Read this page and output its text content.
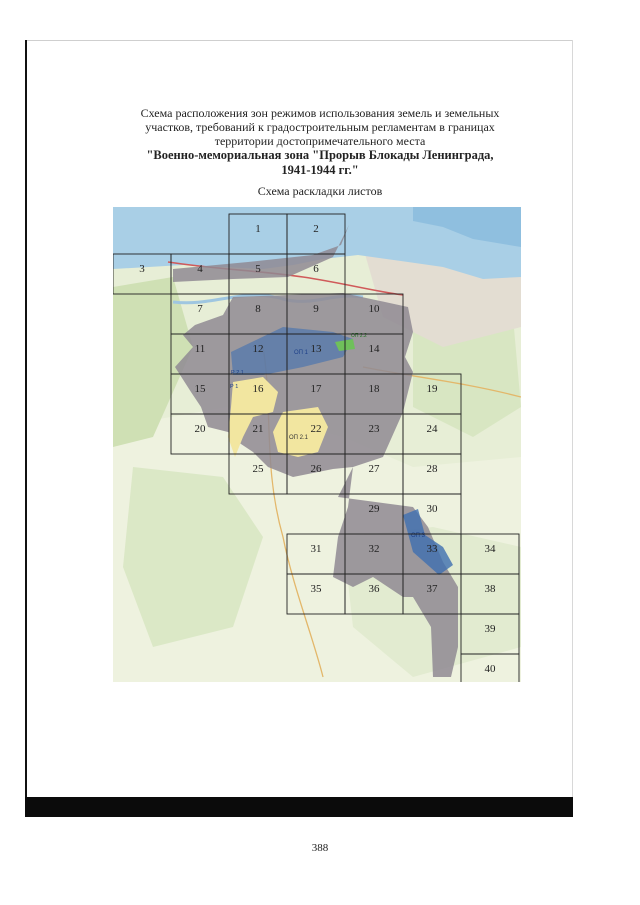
Схема расположения зон режимов использования земель и земельных
участков, требований к градостроительным регламентам в границах
территории достопримечательного места
"Военно-мемориальная зона "Прорыв Блокады Ленинграда,
1941-1944 гг."
Схема раскладки листов
ОП 1
ОП 2.1
ОП 2.2
ОП 3
Р 1
Р 2.1
1	2
3	4	5	6
7	8	9	10
11	12	13	14
15	16	17	18	19
20	21	22	23	24
25	26	27	28
29	30
31	32	33	34
35	36	37	38
39
40
388
